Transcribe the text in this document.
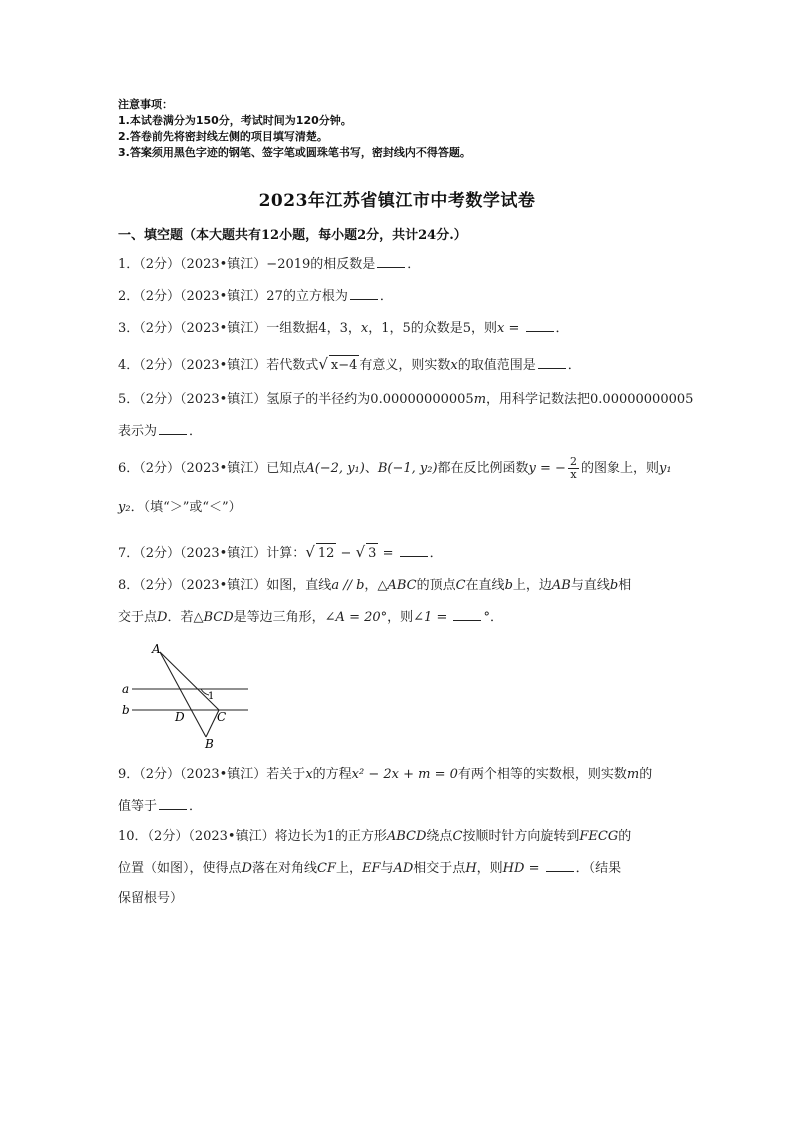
注意事项：
1.本试卷满分为150分，考试时间为120分钟。
2.答卷前先将密封线左侧的项目填写清楚。
3.答案须用黑色字迹的钢笔、签字笔或圆珠笔书写，密封线内不得答题。
2023年江苏省镇江市中考数学试卷
一、填空题（本大题共有12小题，每小题2分，共计24分.）
1．（2分）（2023•镇江）−2019的相反数是 ．
2．（2分）（2023•镇江）27的立方根为 ．
3．（2分）（2023•镇江）一组数据4，3，x，1，5的众数是5，则x = ．
4．（2分）（2023•镇江）若代数式√ x−4 有意义，则实数x的取值范围是 ．
5．（2分）（2023•镇江）氢原子的半径约为0.00000000005m，用科学记数法把0.00000000005
表示为 ．
6．（2分）（2023•镇江）已知点A(−2, y₁)、B(−1, y₂)都在反比例函数y = − $\frac{2}{x}$ 的图象上，则y₁
y₂．（填“＞”或“＜”）
7．（2分）（2023•镇江）计算：√ 12 − √ 3 = ．
8．（2分）（2023•镇江）如图，直线a // b，△ABC的顶点C在直线b上，边AB与直线b相
交于点D．若△BCD是等边三角形，∠A = 20°，则∠1 = °．
A
a
b
1
D	C
B
9．（2分）（2023•镇江）若关于x的方程x² − 2x + m = 0有两个相等的实数根，则实数m的
值等于 ．
10．（2分）（2023•镇江）将边长为1的正方形ABCD绕点C按顺时针方向旋转到FECG的
位置（如图），使得点D落在对角线CF上，EF与AD相交于点H，则HD = ．（结果
保留根号）
